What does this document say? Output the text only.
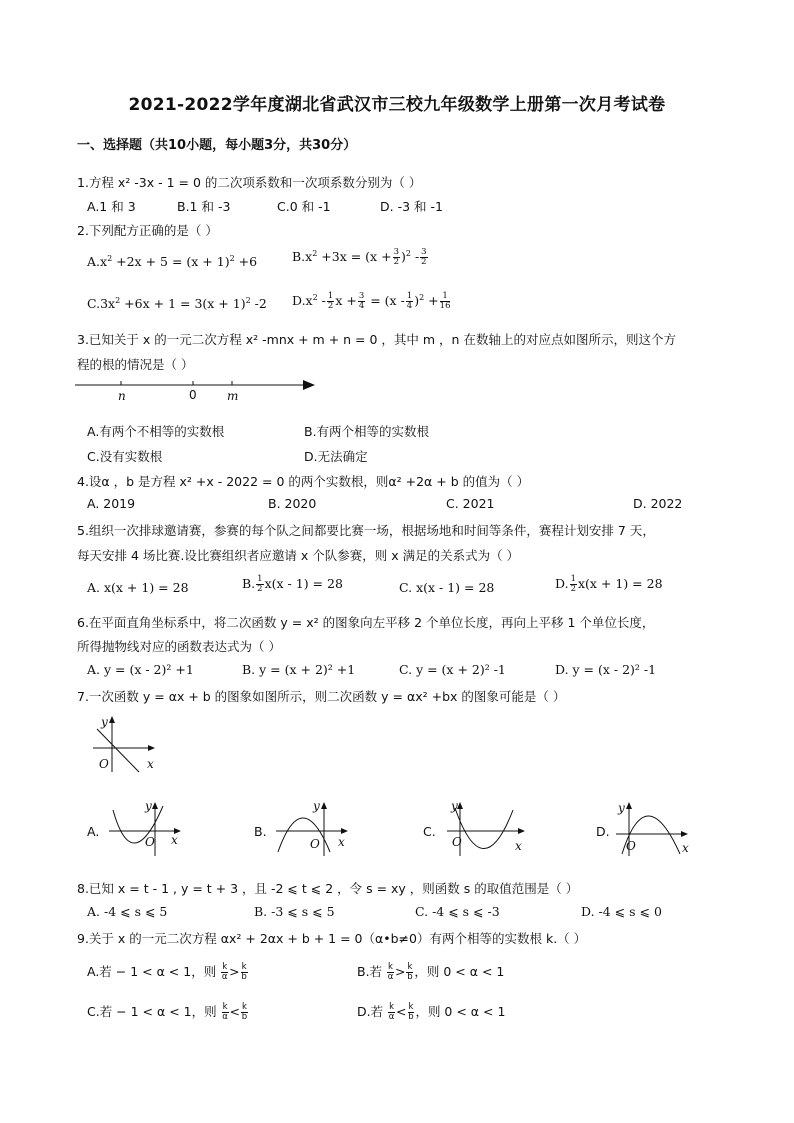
2021-2022学年度湖北省武汉市三校九年级数学上册第一次月考试卷
一、选择题（共10小题，每小题3分，共30分）
1.方程 x² -3x - 1 = 0 的二次项系数和一次项系数分别为（ ）
A.1 和 3	B.1 和 -3	C.0 和 -1	D. -3 和 -1
2.下列配方正确的是（ ）
$A.x^2 +2x + 5 = (x + 1)^2 +6$	$B.x^2 +3x = (x + \frac{3}{2} )^2 - \frac{3}{2}$
$C.3x^2 +6x + 1 = 3(x + 1)^2$ -2 $D.x^2 - \frac{1}{2}$ $x + \frac{3}{4} = (x - \frac{1}{4} )^2 + \frac{1}{16}$
3.已知关于 x 的一元二次方程 x² -mnx + m + n = 0 ，其中 m ，n 在数轴上的对应点如图所示，则这个方
程的根的情况是（ ）
n	0	m
A.有两个不相等的实数根	B.有两个相等的实数根
C.没有实数根	D.无法确定
4.设α ，b 是方程 x² +x - 2022 = 0 的两个实数根，则α² +2α + b 的值为（ ）
A. 2019	B. 2020	C. 2021	D. 2022
5.组织一次排球邀请赛，参赛的每个队之间都要比赛一场，根据场地和时间等条件，赛程计划安排 7 天，
每天安排 4 场比赛.设比赛组织者应邀请 x 个队参赛，则 x 满足的关系式为（ ）
A. x(x + 1) = 28	B. $\frac{1}{2} x(x - 1) = 28$	C. x(x - 1) = 28	D. $\frac{1}{2} x(x + 1) = 28$
6.在平面直角坐标系中，将二次函数 y = x² 的图象向左平移 2 个单位长度，再向上平移 1 个单位长度，
所得抛物线对应的函数表达式为（ ）
A. y = (x - 2)² +1	B. y = (x + 2)² +1	C. y = (x + 2)² -1	D. y = (x - 2)² -1
7.一次函数 y = αx + b 的图象如图所示，则二次函数 y = αx² +bx 的图象可能是（ ）
y
x
O
A.
y
x
O
B.
y
x
O
C.
y
x
O
D.
y
x
O
8.已知 x = t - 1 , y = t + 3 ，且 -2 ⩽ t ⩽ 2 ，令 s = xy ，则函数 s 的取值范围是（ ）
A. -4 ⩽ s ⩽ 5	B. -3 ⩽ s ⩽ 5	C. -4 ⩽ s ⩽ -3	D. -4 ⩽ s ⩽ 0
9.关于 x 的一元二次方程 αx² + 2αx + b + 1 = 0（α•b≠0）有两个相等的实数根 k.（ ）
A.若 − 1 < α < 1，则 $\frac{k}{\alpha} > \frac{k}{b}$	B.若 $\frac{k}{\alpha} > \frac{k}{b}$ ，则 0 < α < 1
C.若 − 1 < α < 1，则 $\frac{k}{\alpha} < \frac{k}{b}$	D.若 $\frac{k}{\alpha} < \frac{k}{b}$ ，则 0 < α < 1
